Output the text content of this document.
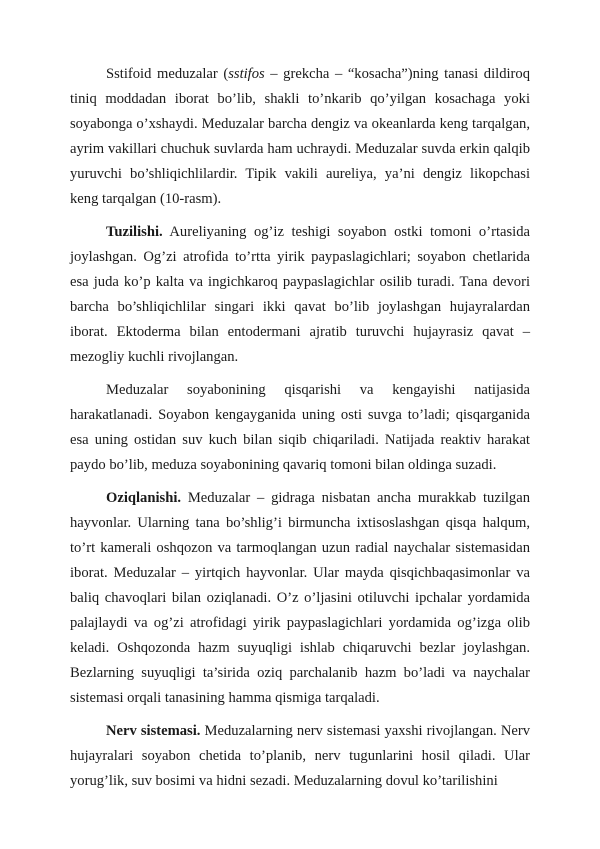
Sstifoid meduzalar (sstifos – grekcha – “kosacha”)ning tanasi dildiroq tiniq moddadan iborat bo’lib, shakli to’nkarib qo’yilgan kosachaga yoki soyabonga o’xshaydi. Meduzalar barcha dengiz va okeanlarda keng tarqalgan, ayrim vakillari chuchuk suvlarda ham uchraydi. Meduzalar suvda erkin qalqib yuruvchi bo’shliqichlilardir. Tipik vakili aureliya, ya’ni dengiz likopchasi keng tarqalgan (10-rasm).

Tuzilishi. Aureliyaning og’iz teshigi soyabon ostki tomoni o’rtasida joylashgan. Og’zi atrofida to’rtta yirik paypaslagichlari; soyabon chetlarida esa juda ko’p kalta va ingichkaroq paypaslagichlar osilib turadi. Tana devori barcha bo’shliqichlilar singari ikki qavat bo’lib joylashgan hujayralardan iborat. Ektoderma bilan entodermani ajratib turuvchi hujayrasiz qavat – mezogliy kuchli rivojlangan.

Meduzalar soyabonining qisqarishi va kengayishi natijasida harakatlanadi. Soyabon kengayganida uning osti suvga to’ladi; qisqarganida esa uning ostidan suv kuch bilan siqib chiqariladi. Natijada reaktiv harakat paydo bo’lib, meduza soyabonining qavariq tomoni bilan oldinga suzadi.

Oziqlanishi. Meduzalar – gidraga nisbatan ancha murakkab tuzilgan hayvonlar. Ularning tana bo’shlig’i birmuncha ixtisoslashgan qisqa halqum, to’rt kamerali oshqozon va tarmoqlangan uzun radial naychalar sistemasidan iborat. Meduzalar – yirtqich hayvonlar. Ular mayda qisqichbaqasimonlar va baliq chavoqlari bilan oziqlanadi. O’z o’ljasini otiluvchi ipchalar yordamida palajlaydi va og’zi atrofidagi yirik paypaslagichlari yordamida og’izga olib keladi. Oshqozonda hazm suyuqligi ishlab chiqaruvchi bezlar joylashgan. Bezlarning suyuqligi ta’sirida oziq parchalanib hazm bo’ladi va naychalar sistemasi orqali tanasining hamma qismiga tarqaladi.

Nerv sistemasi. Meduzalarning nerv sistemasi yaxshi rivojlangan. Nerv hujayralari soyabon chetida to’planib, nerv tugunlarini hosil qiladi. Ular yorug’lik, suv bosimi va hidni sezadi. Meduzalarning dovul ko’tarilishini
